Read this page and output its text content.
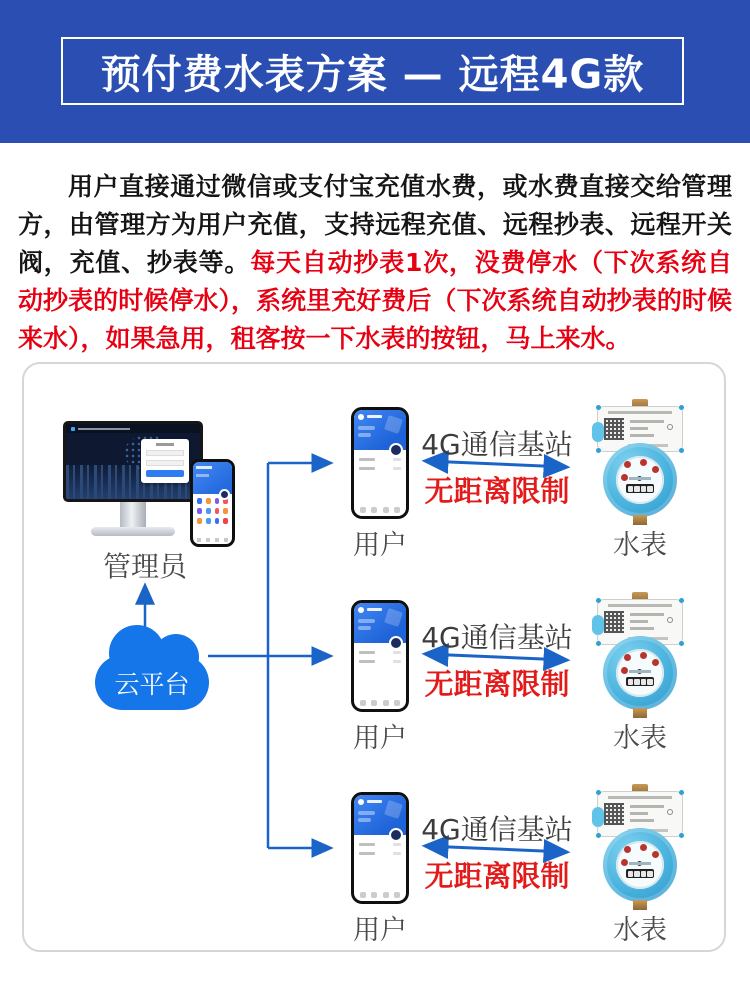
预付费水表方案 — 远程4G款

用户直接通过微信或支付宝充值水费，或水费直接交给管理方，由管理方为用户充值，支持远程充值、远程抄表、远程开关阀，充值、抄表等。每天自动抄表1次，没费停水（下次系统自动抄表的时候停水），系统里充好费后（下次系统自动抄表的时候来水），如果急用，租客按一下水表的按钮，马上来水。

管理员
云平台
用户
4G通信基站
无距离限制
水表
用户
4G通信基站
无距离限制
水表
用户
4G通信基站
无距离限制
水表
